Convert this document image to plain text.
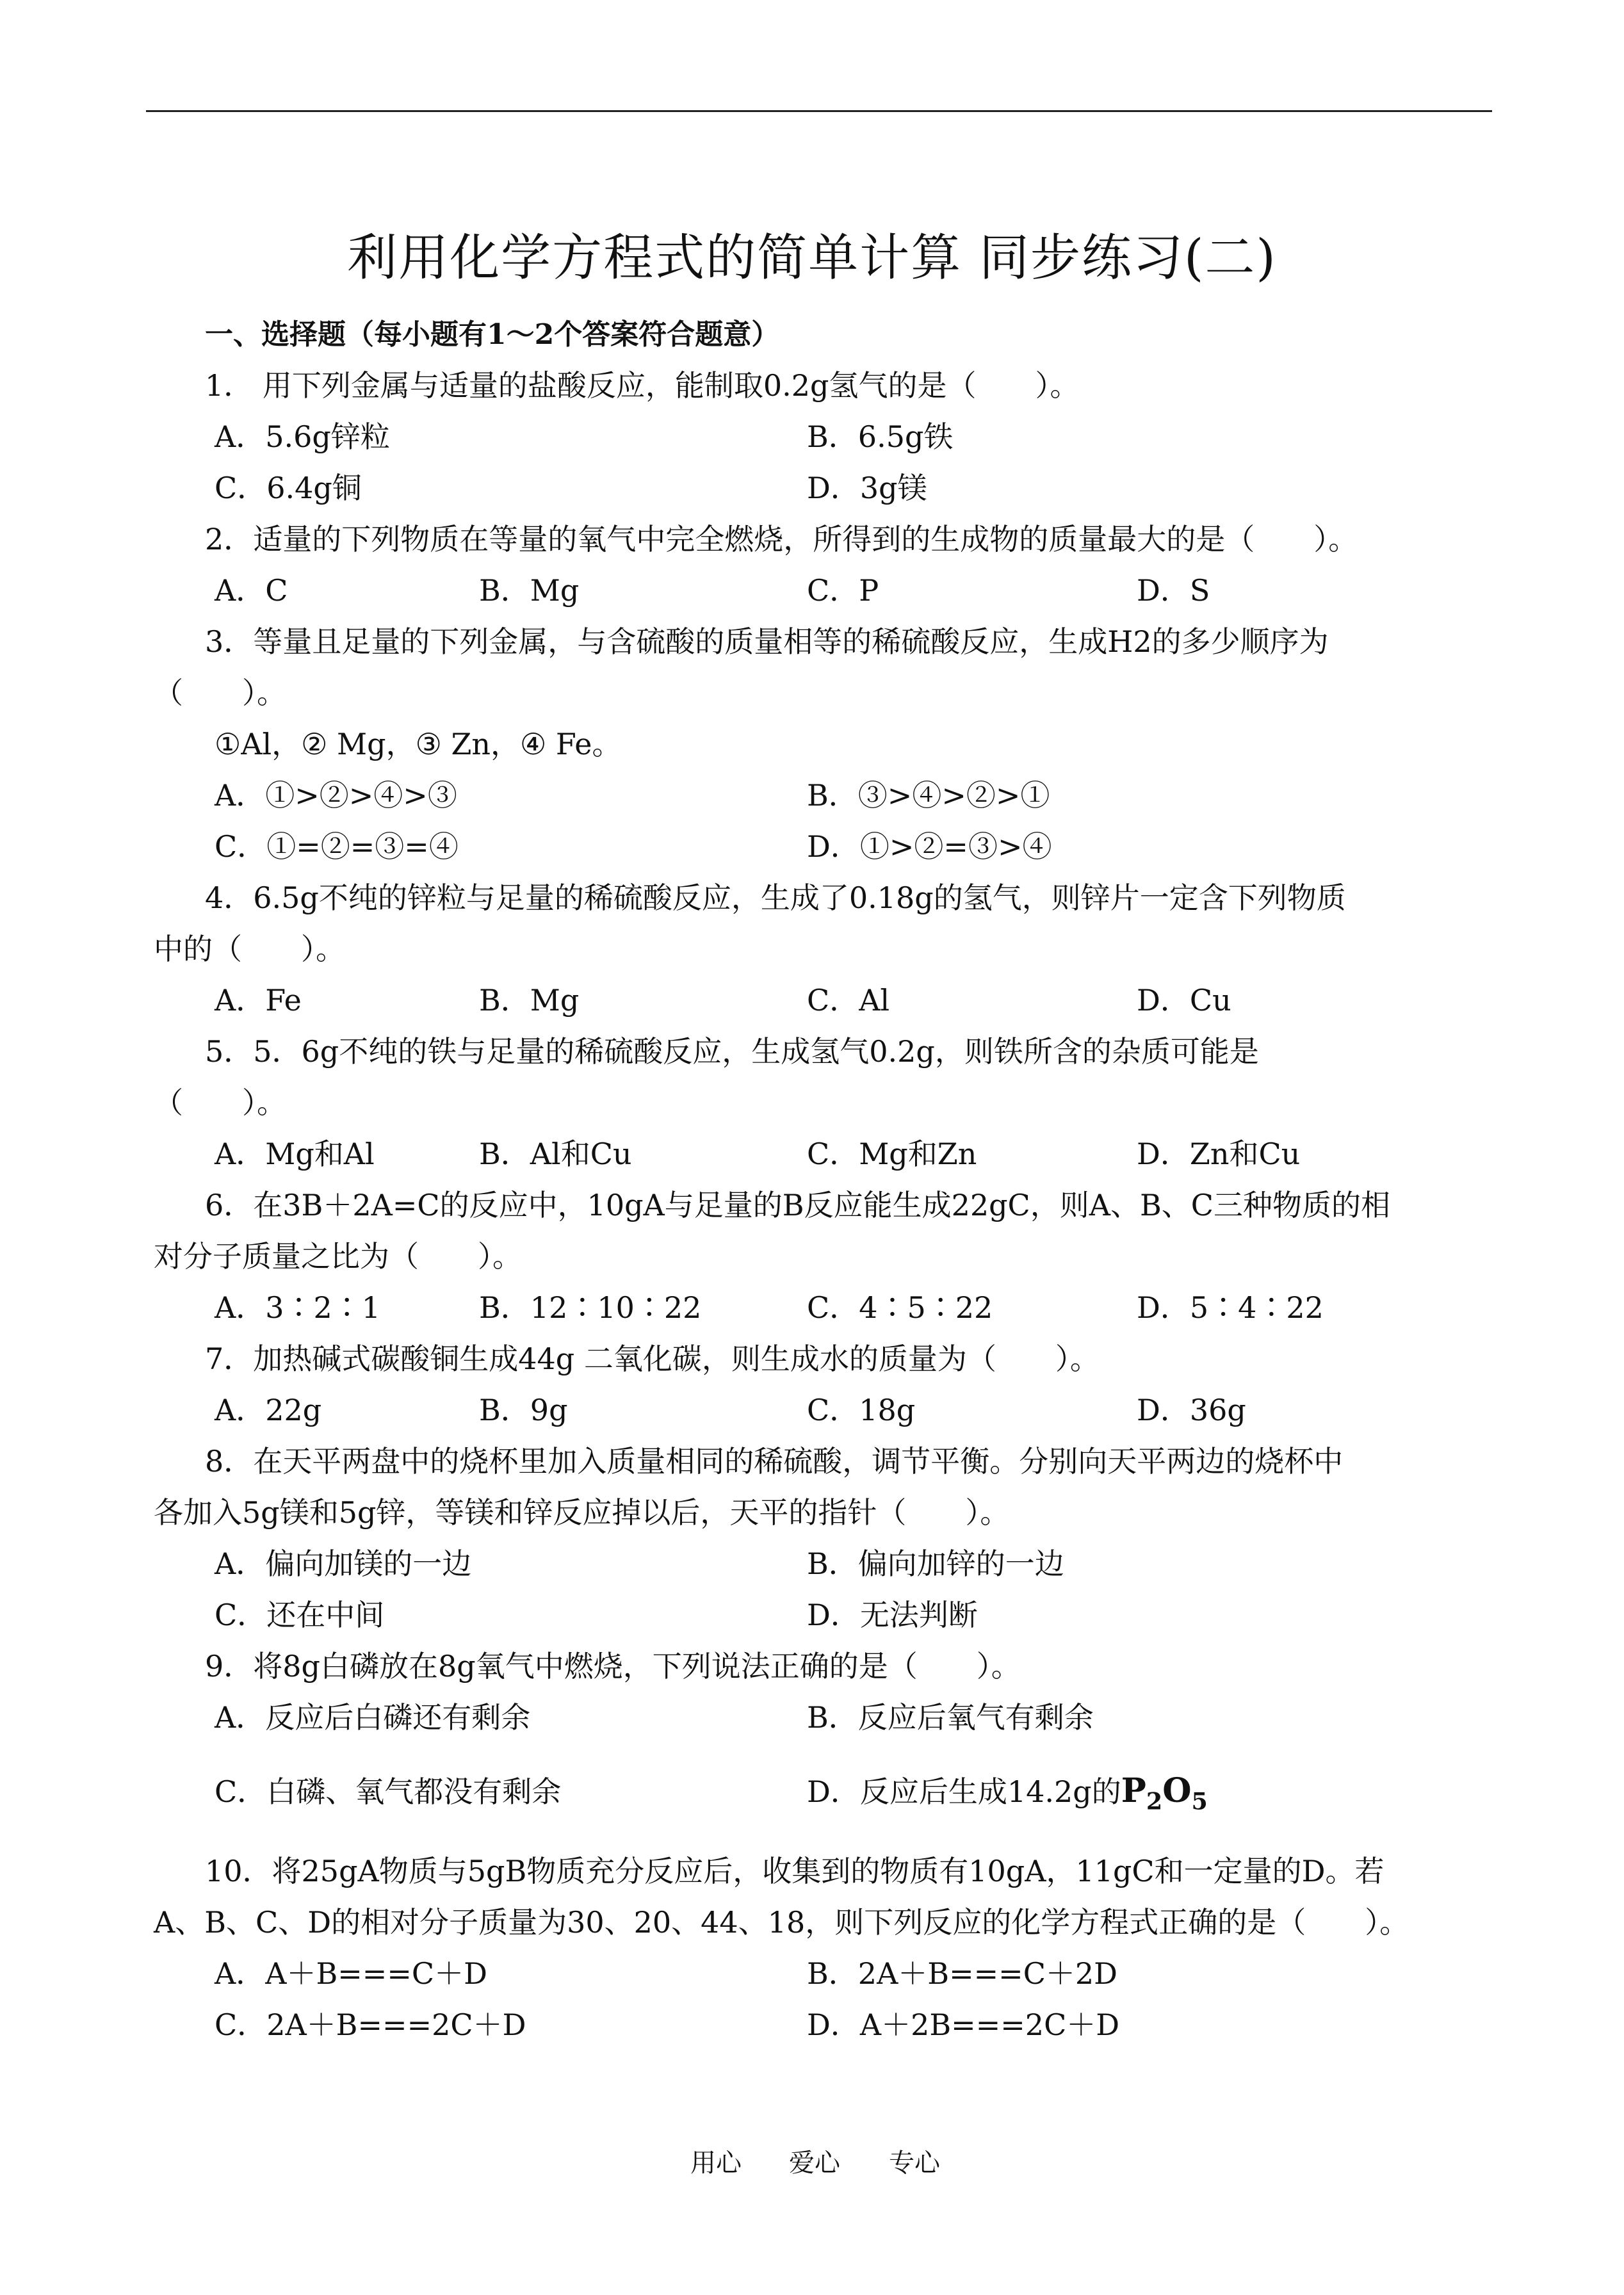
利用化学方程式的简单计算 同步练习(二)
一、选择题（每小题有1～2个答案符合题意）
1． 用下列金属与适量的盐酸反应，能制取0.2g氢气的是（　　）。
A．5.6g锌粒	B．6.5g铁
C．6.4g铜	D．3g镁
2．适量的下列物质在等量的氧气中完全燃烧，所得到的生成物的质量最大的是（　　）。
A．C	B．Mg	C．P	D．S
3．等量且足量的下列金属，与含硫酸的质量相等的稀硫酸反应，生成H2的多少顺序为
（　　）。
①Al，② Mg，③ Zn，④ Fe。
A．①>②>④>③	B．③>④>②>①
C．①=②=③=④	D．①>②=③>④
4．6.5g不纯的锌粒与足量的稀硫酸反应，生成了0.18g的氢气，则锌片一定含下列物质
中的（　　）。
A．Fe	B．Mg	C．Al	D．Cu
5．5．6g不纯的铁与足量的稀硫酸反应，生成氢气0.2g，则铁所含的杂质可能是
（　　）。
A．Mg和Al	B．Al和Cu	C．Mg和Zn	D．Zn和Cu
6．在3B＋2A=C的反应中，10gA与足量的B反应能生成22gC，则A、B、C三种物质的相
对分子质量之比为（　　）。
A．3∶2∶1	B．12∶10∶22	C．4∶5∶22	D．5∶4∶22
7．加热碱式碳酸铜生成44g 二氧化碳，则生成水的质量为（　　）。
A．22g	B．9g	C．18g	D．36g
8．在天平两盘中的烧杯里加入质量相同的稀硫酸，调节平衡。分别向天平两边的烧杯中
各加入5g镁和5g锌，等镁和锌反应掉以后，天平的指针（　　）。
A．偏向加镁的一边	B．偏向加锌的一边
C．还在中间	D．无法判断
9．将8g白磷放在8g氧气中燃烧，下列说法正确的是（　　）。
A．反应后白磷还有剩余	B．反应后氧气有剩余
C．白磷、氧气都没有剩余	D．反应后生成14.2g的$P_2O_5$
10．将25gA物质与5gB物质充分反应后，收集到的物质有10gA，11gC和一定量的D。若
A、B、C、D的相对分子质量为30、20、44、18，则下列反应的化学方程式正确的是（　　）。
A．A＋B===C＋D	B．2A＋B===C＋2D
C．2A＋B===2C＋D	D．A＋2B===2C＋D
用心 爱心 专心
